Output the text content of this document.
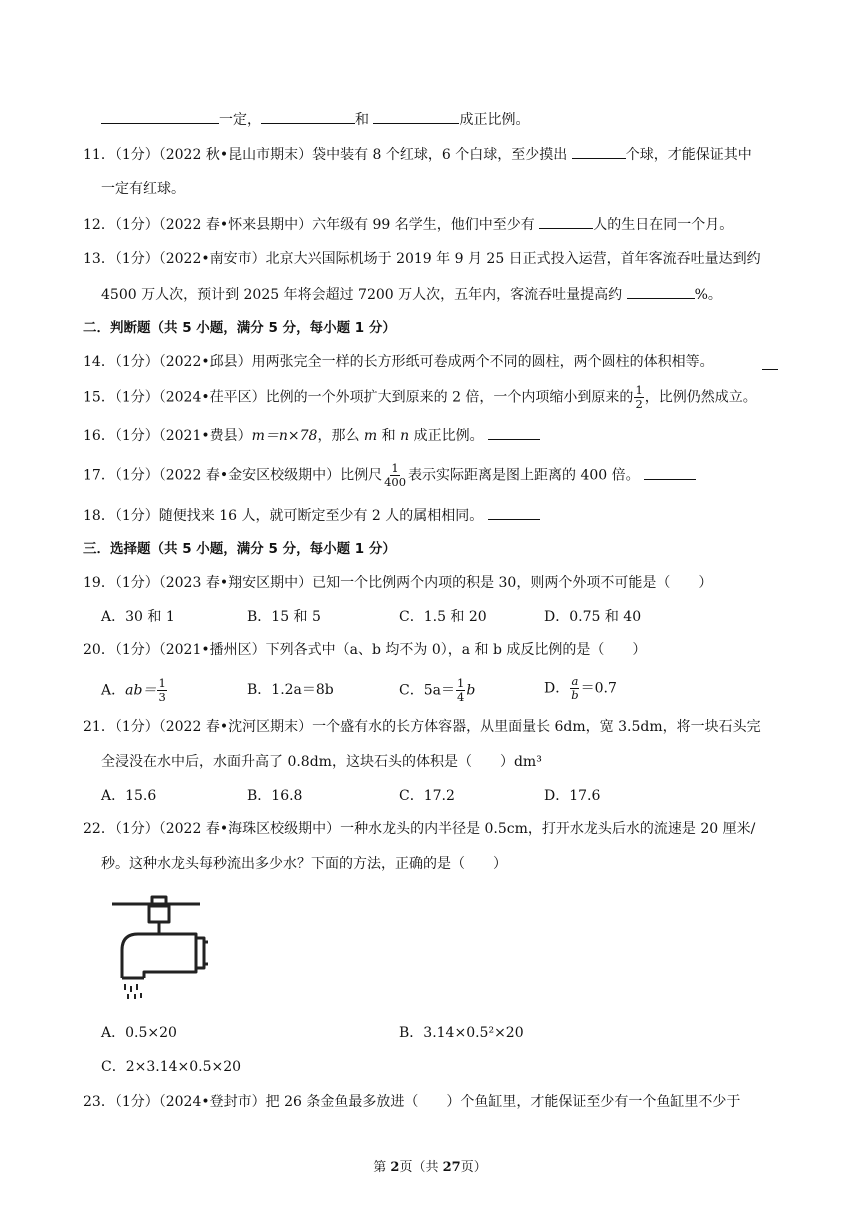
一定，	和	成正比例。
11．（1分）（2022 秋•昆山市期末）袋中装有 8 个红球，6 个白球，至少摸出	个球，才能保证其中
一定有红球。
12．（1分）（2022 春•怀来县期中）六年级有 99 名学生，他们中至少有	人的生日在同一个月。
13．（1分）（2022•南安市）北京大兴国际机场于 2019 年 9 月 25 日正式投入运营，首年客流吞吐量达到约
4500 万人次，预计到 2025 年将会超过 7200 万人次，五年内，客流吞吐量提高约	%。
二．判断题（共 5 小题，满分 5 分，每小题 1 分）
14．（1分）（2022•邱县）用两张完全一样的长方形纸可卷成两个不同的圆柱，两个圆柱的体积相等。
15．（1分）（2024•茌平区）比例的一个外项扩大到原来的 2 倍，一个内项缩小到原来的 $\frac{1}{2}$ ，比例仍然成立。
16．（1分）（2021•费县）m＝n×78，那么 m 和 n 成正比例。
17．（1分）（2022 春•金安区校级期中）比例尺 $\frac{1}{400}$ 表示实际距离是图上距离的 400 倍。
18．（1分）随便找来 16 人，就可断定至少有 2 人的属相相同。
三．选择题（共 5 小题，满分 5 分，每小题 1 分）
19．（1分）（2023 春•翔安区期中）已知一个比例两个内项的积是 30，则两个外项不可能是（　　）
A．30 和 1	B．15 和 5	C．1.5 和 20	D．0.75 和 40
20．（1分）（2021•播州区）下列各式中（a、b 均不为 0），a 和 b 成反比例的是（　　）
A．$ab= \frac{1}{3}$	B．1.2a＝8b	C．$5a= \frac{1}{4}$ b	D． $\frac{a}{b} =0.7$
21．（1分）（2022 春•沈河区期末）一个盛有水的长方体容器，从里面量长 6dm，宽 3.5dm，将一块石头完
全浸没在水中后，水面升高了 0.8dm，这块石头的体积是（　　）dm³
A．15.6	B．16.8	C．17.2	D．17.6
22．（1分）（2022 春•海珠区校级期中）一种水龙头的内半径是 0.5cm，打开水龙头后水的流速是 20 厘米/
秒。这种水龙头每秒流出多少水？下面的方法，正确的是（　　）
A．0.5×20	B．3.14×0.5²×20
C．2×3.14×0.5×20
23．（1分）（2024•登封市）把 26 条金鱼最多放进（　　）个鱼缸里，才能保证至少有一个鱼缸里不少于
第 2页（共 27页）
